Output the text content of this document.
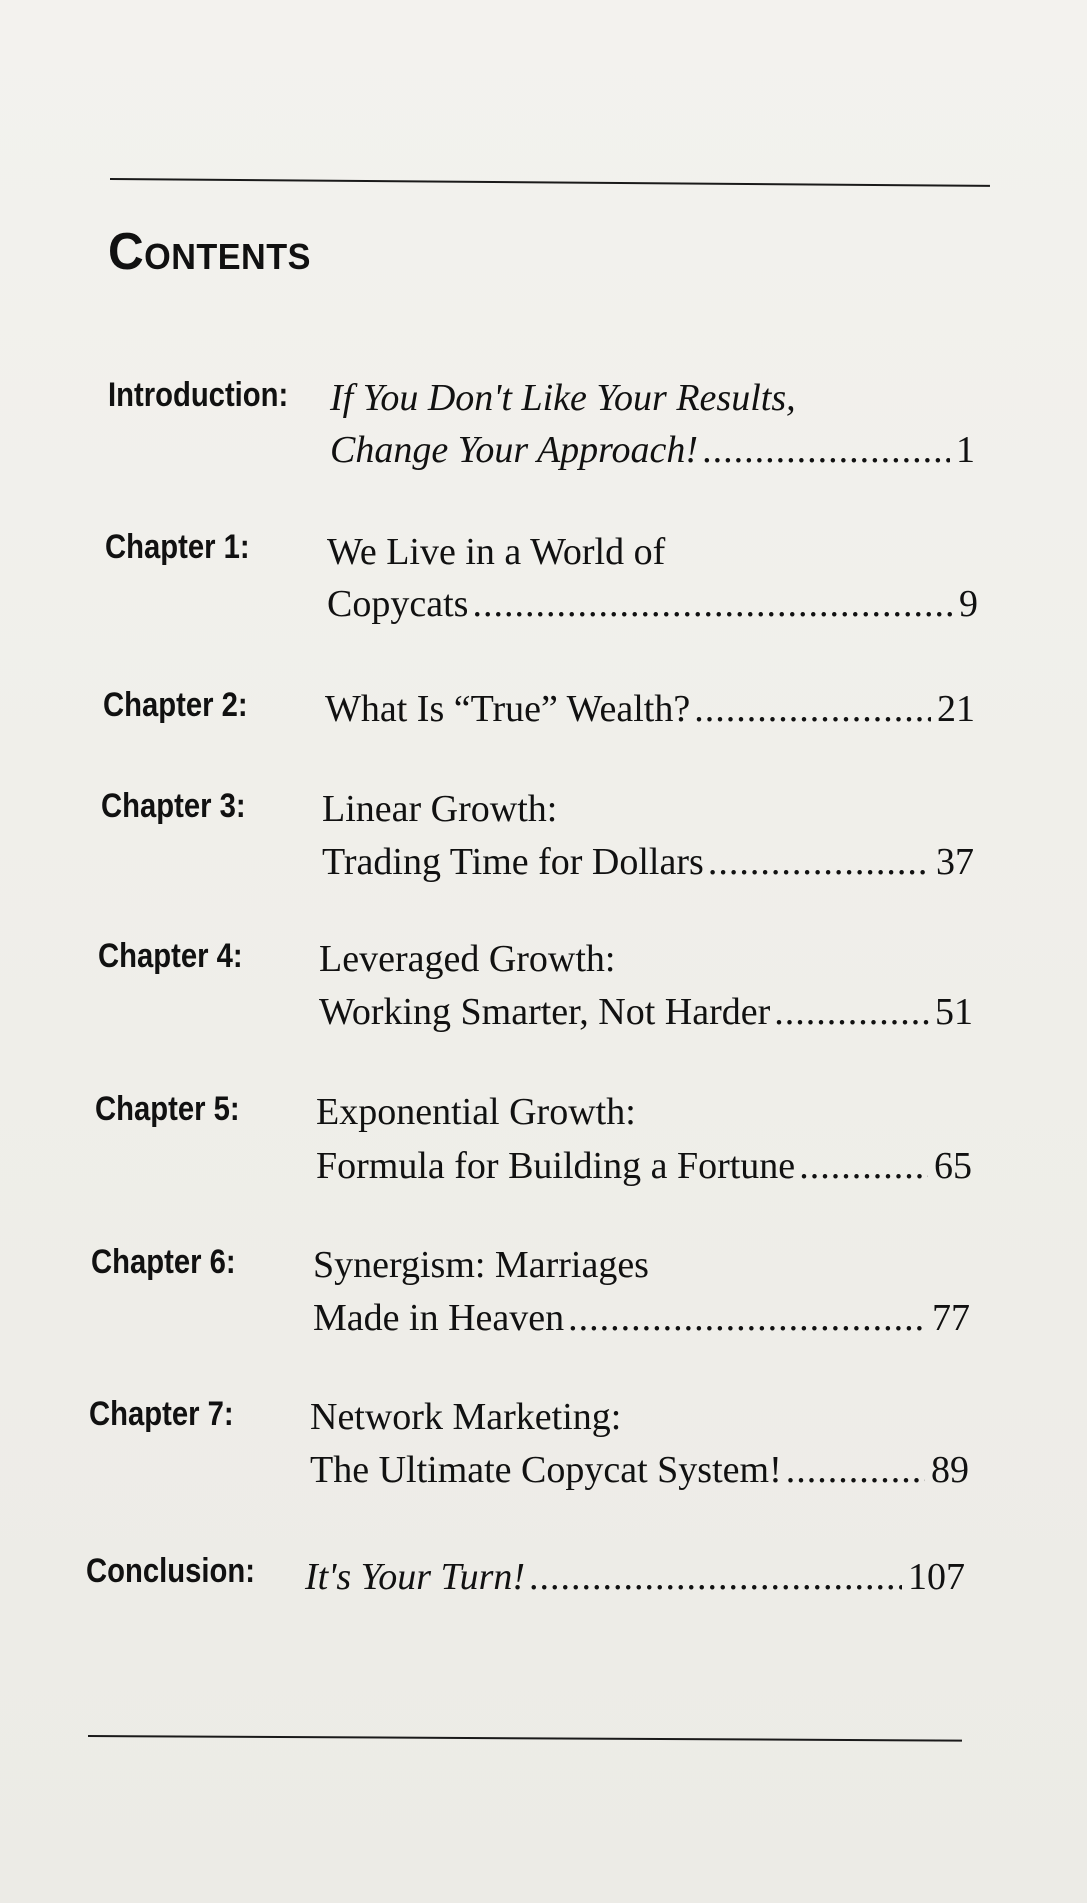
Contents
Introduction: If You Don't Like Your Results,
Change Your Approach! .....	1
Chapter 1: We Live in a World of
Copycats .....	9
Chapter 2: What Is “True” Wealth? .....	21
Chapter 3: Linear Growth:
Trading Time for Dollars .....	37
Chapter 4: Leveraged Growth:
Working Smarter, Not Harder .....	51
Chapter 5: Exponential Growth:
Formula for Building a Fortune .....	65
Chapter 6: Synergism: Marriages
Made in Heaven .....	77
Chapter 7: Network Marketing:
The Ultimate Copycat System! .....	89
Conclusion: It's Your Turn! .....	107
